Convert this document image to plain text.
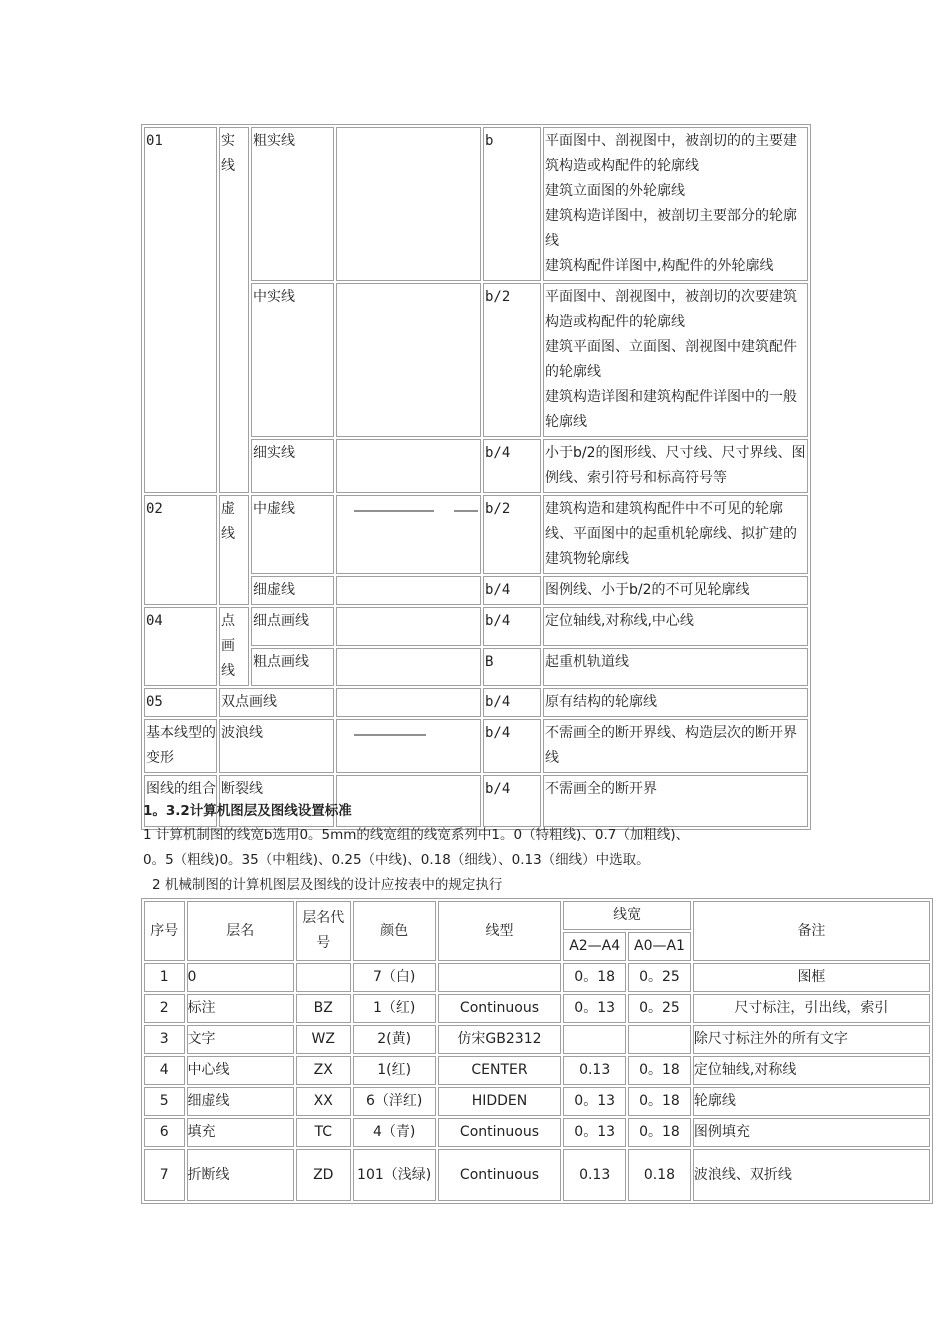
01	实线	粗实线		b	平面图中、剖视图中，被剖切的的主要建筑构造或构配件的轮廓线
建筑立面图的外轮廓线
建筑构造详图中，被剖切主要部分的轮廓线
建筑构配件详图中,构配件的外轮廓线

		中实线		b/2	平面图中、剖视图中，被剖切的次要建筑构造或构配件的轮廓线
建筑平面图、立面图、剖视图中建筑配件的轮廓线
建筑构造详图和建筑构配件详图中的一般轮廓线

		细实线		b/4	小于b/2的图形线、尺寸线、尺寸界线、图例线、索引符号和标高符号等
02	虚线	中虚线		b/2	建筑构造和建筑构配件中不可见的轮廓线、平面图中的起重机轮廓线、拟扩建的建筑物轮廓线
		细虚线		b/4	图例线、小于b/2的不可见轮廓线
04	点画线	细点画线		b/4	定位轴线,对称线,中心线
		粗点画线		B	起重机轨道线
05	双点画线			b/4	原有结构的轮廓线
基本线型的变形	波浪线			b/4	不需画全的断开界线、构造层次的断开界线
图线的组合	断裂线			b/4	不需画全的断开界
1。3.2计算机图层及图线设置标准
1 计算机制图的线宽b选用0。5mm的线宽组的线宽系列中1。0（特粗线)、0.7（加粗线)、
0。5（粗线)0。35（中粗线)、0.25（中线)、0.18（细线）、0.13（细线）中选取。
2 机械制图的计算机图层及图线的设计应按表中的规定执行
序号	层名	层名代号	颜色	线型	线宽		备注
					A2—A4	A0—A1	
1	0		7（白)		0。18	0。25	图框
2	标注	BZ	1（红)	Continuous	0。13	0。25	尺寸标注，引出线，索引
3	文字	WZ	2(黄)	仿宋GB2312			除尺寸标注外的所有文字
4	中心线	ZX	1(红)	CENTER	0.13	0。18	定位轴线,对称线
5	细虚线	XX	6（洋红)	HIDDEN	0。13	0。18	轮廓线
6	填充	TC	4（青)	Continuous	0。13	0。18	图例填充
7	折断线	ZD	101（浅绿)	Continuous	0.13	0.18	波浪线、双折线
